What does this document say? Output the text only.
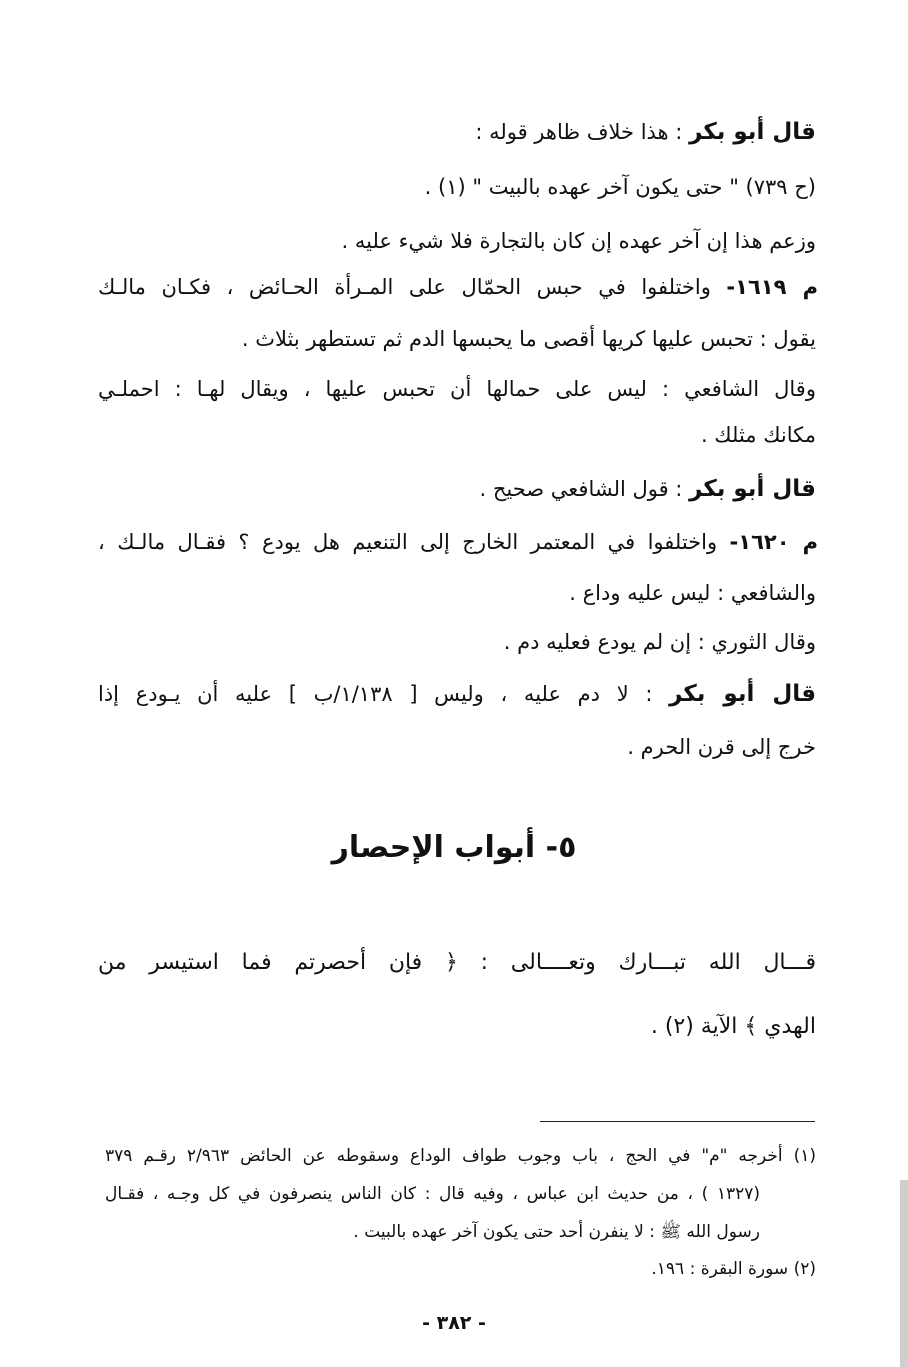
قال أبو بكر : هذا خلاف ظاهر قوله :
(ح ٧٣٩) " حتى يكون آخر عهده بالبيت " (١) .
وزعم هذا إن آخر عهده إن كان بالتجارة فلا شيء عليه .
م ١٦١٩- واختلفوا في حبس الحمّال على المـرأة الحـائض ، فكـان مالـك
يقول : تحبس عليها كريها أقصى ما يحبسها الدم ثم تستطهر بثلاث .
وقال الشافعي : ليس على حمالها أن تحبس عليها ، ويقال لهـا : احملـي
مكانك مثلك .
قال أبو بكر : قول الشافعي صحيح .
م ١٦٢٠- واختلفوا في المعتمر الخارج إلى التنعيم هل يودع ؟ فقـال مالـك ،
والشافعي : ليس عليه وداع .
وقال الثوري : إن لم يودع فعليه دم .
قال أبو بكر : لا دم عليه ، وليس [ ١/١٣٨/ب ] عليه أن يـودع إذا
خرج إلى قرن الحرم .
٥- أبواب الإحصار
قـــال الله تبـــارك وتعــــالى : ﴿ فإن أحصرتم فما استيسر من
الهدي ﴾ الآية (٢) .
(١) أخرجه "م" في الحج ، باب وجوب طواف الوداع وسقوطه عن الحائض ٢/٩٦٣ رقـم ٣٧٩
(١٣٢٧ ) ، من حديث ابن عباس ، وفيه قال : كان الناس ينصرفون في كل وجـه ، فقـال
رسول الله ﷺ : لا ينفرن أحد حتى يكون آخر عهده بالبيت .
(٢) سورة البقرة : ١٩٦.
- ٣٨٢ -
